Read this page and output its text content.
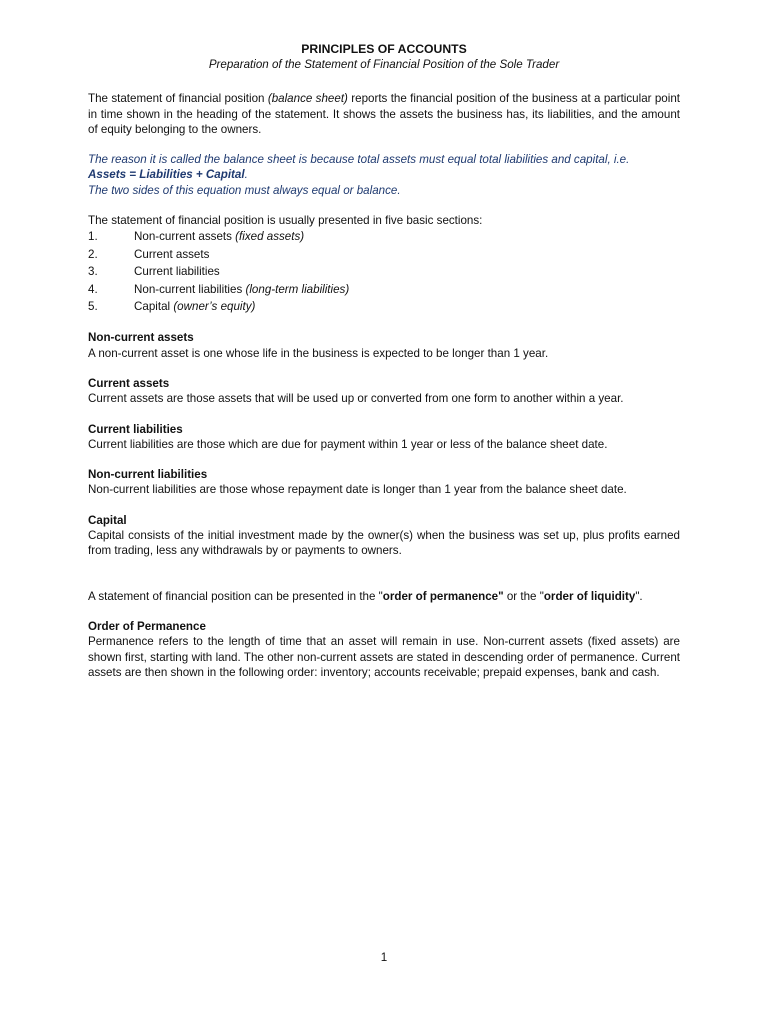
PRINCIPLES OF ACCOUNTS

Preparation of the Statement of Financial Position of the Sole Trader

The statement of financial position (balance sheet) reports the financial position of the business at a particular point in time shown in the heading of the statement. It shows the assets the business has, its liabilities, and the amount of equity belonging to the owners.

The reason it is called the balance sheet is because total assets must equal total liabilities and capital, i.e.
Assets = Liabilities + Capital.
The two sides of this equation must always equal or balance.

The statement of financial position is usually presented in five basic sections:

1.	Non-current assets (fixed assets)
2.	Current assets
3.	Current liabilities
4.	Non-current liabilities (long-term liabilities)
5.	Capital (owner’s equity)

Non-current assets

A non-current asset is one whose life in the business is expected to be longer than 1 year.

Current assets

Current assets are those assets that will be used up or converted from one form to another within a year.

Current liabilities

Current liabilities are those which are due for payment within 1 year or less of the balance sheet date.

Non-current liabilities

Non-current liabilities are those whose repayment date is longer than 1 year from the balance sheet date.

Capital

Capital consists of the initial investment made by the owner(s) when the business was set up, plus profits earned from trading, less any withdrawals by or payments to owners.

A statement of financial position can be presented in the "order of permanence" or the "order of liquidity".

Order of Permanence

Permanence refers to the length of time that an asset will remain in use. Non-current assets (fixed assets) are shown first, starting with land. The other non-current assets are stated in descending order of permanence. Current assets are then shown in the following order: inventory; accounts receivable; prepaid expenses, bank and cash.

1
